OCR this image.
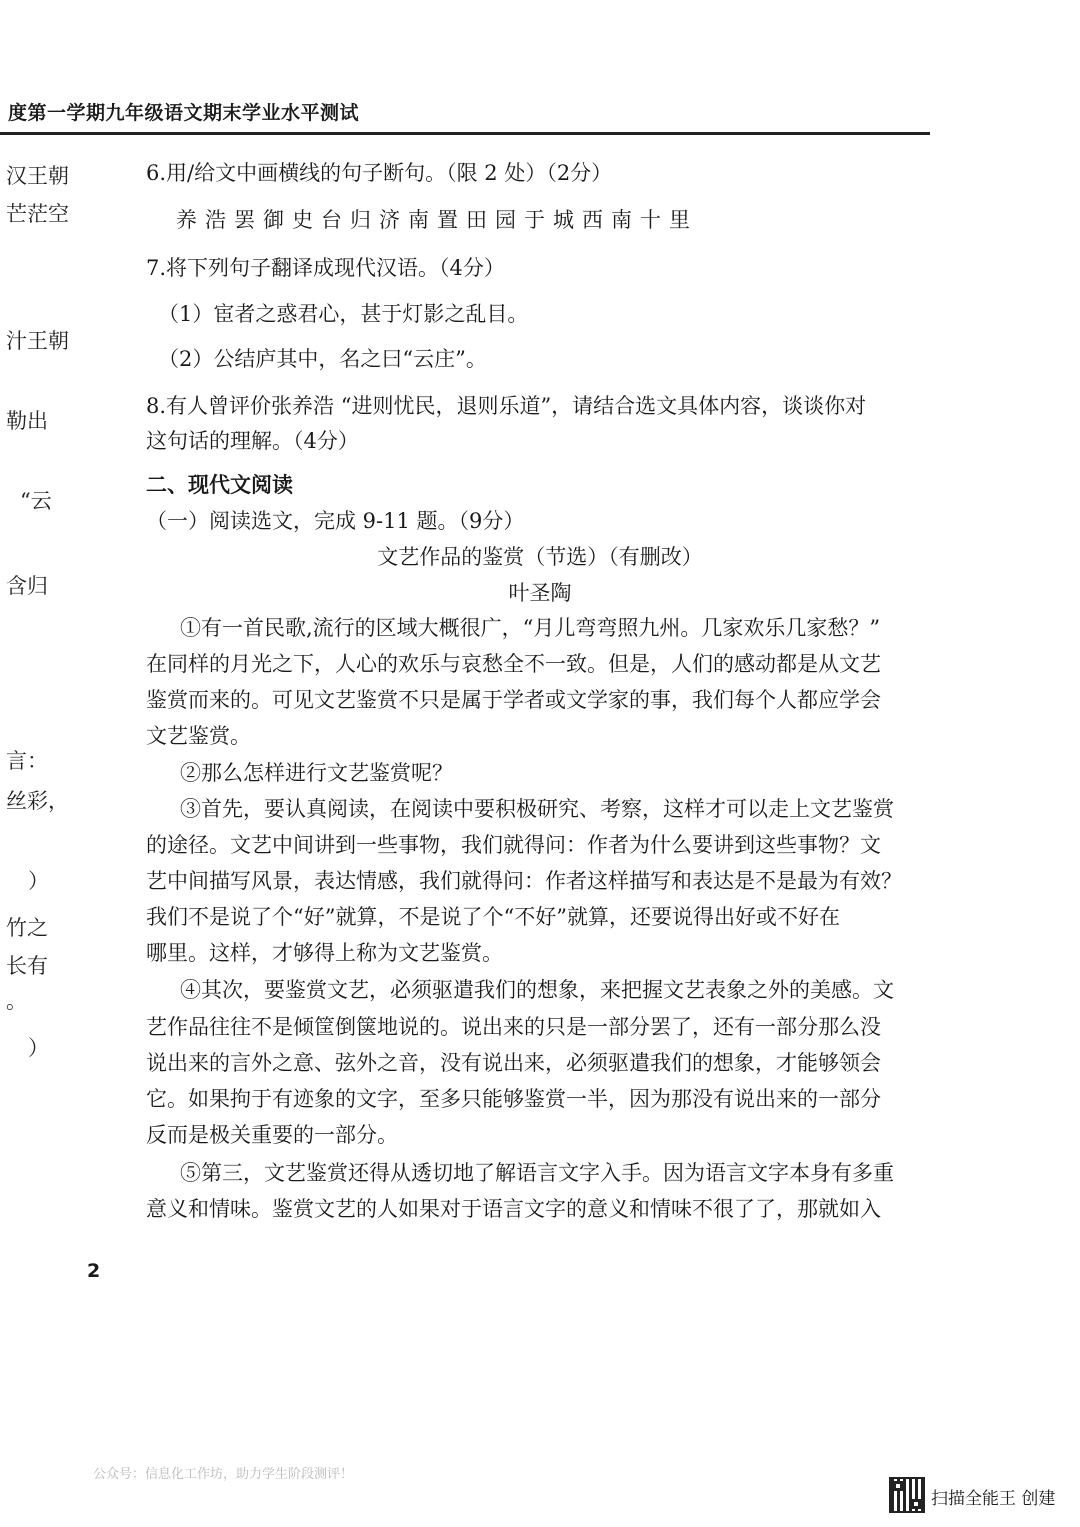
度第一学期九年级语文期末学业水平测试
汉王朝
芒茫空
汁王朝
勒出
“云
含归
言：
丝彩，
）
竹之
长有
。
）
6.用/给文中画横线的句子断句。（限 2 处）（2分）
养浩罢御史台归济南置田园于城西南十里
7.将下列句子翻译成现代汉语。（4分）
（1）宦者之惑君心，甚于灯影之乱目。
（2）公结庐其中，名之曰“云庄”。
8.有人曾评价张养浩 “进则忧民，退则乐道”，请结合选文具体内容，谈谈你对
这句话的理解。（4分）
二、现代文阅读
（一）阅读选文，完成 9-11 题。（9分）
文艺作品的鉴赏（节选）（有删改）
叶圣陶
①有一首民歌,流行的区域大概很广，“月儿弯弯照九州。几家欢乐几家愁？”
在同样的月光之下，人心的欢乐与哀愁全不一致。但是，人们的感动都是从文艺
鉴赏而来的。可见文艺鉴赏不只是属于学者或文学家的事，我们每个人都应学会
文艺鉴赏。
②那么怎样进行文艺鉴赏呢？
③首先，要认真阅读，在阅读中要积极研究、考察，这样才可以走上文艺鉴赏
的途径。文艺中间讲到一些事物，我们就得问：作者为什么要讲到这些事物？文
艺中间描写风景，表达情感，我们就得问：作者这样描写和表达是不是最为有效？
我们不是说了个“好”就算，不是说了个“不好”就算，还要说得出好或不好在
哪里。这样，才够得上称为文艺鉴赏。
④其次，要鉴赏文艺，必须驱遣我们的想象，来把握文艺表象之外的美感。文
艺作品往往不是倾筐倒箧地说的。说出来的只是一部分罢了，还有一部分那么没
说出来的言外之意、弦外之音，没有说出来，必须驱遣我们的想象，才能够领会
它。如果拘于有迹象的文字，至多只能够鉴赏一半，因为那没有说出来的一部分
反而是极关重要的一部分。
⑤第三，文艺鉴赏还得从透切地了解语言文字入手。因为语言文字本身有多重
意义和情味。鉴赏文艺的人如果对于语言文字的意义和情味不很了了，那就如入
2
公众号：信息化工作坊，助力学生阶段测评！
扫描全能王 创建
